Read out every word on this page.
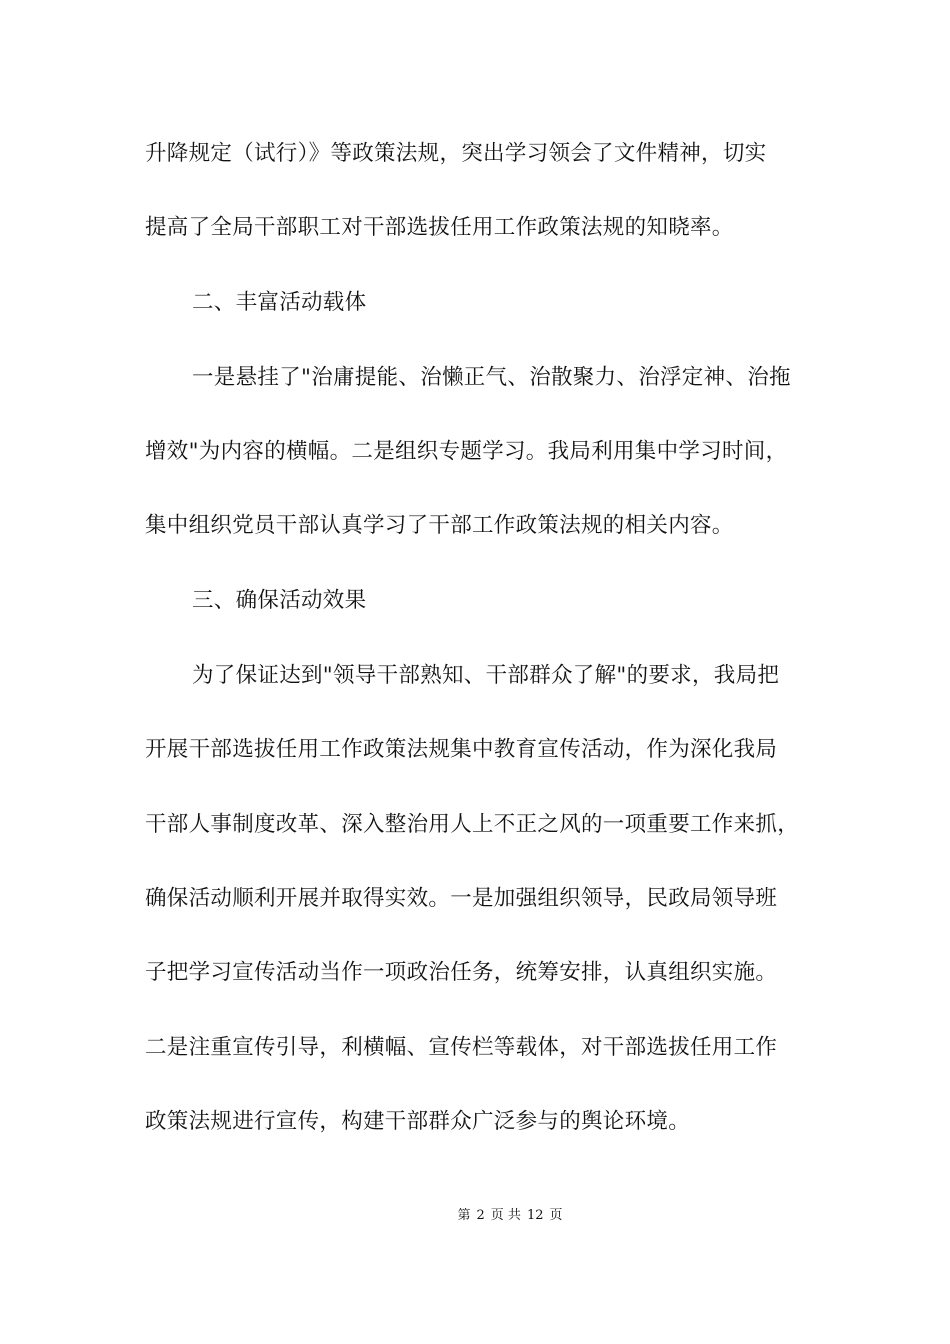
升降规定（试行）》等政策法规，突出学习领会了文件精神，切实
提高了全局干部职工对干部选拔任用工作政策法规的知晓率。
二、丰富活动载体
一是悬挂了"治庸提能、治懒正气、治散聚力、治浮定神、治拖
增效"为内容的横幅。二是组织专题学习。我局利用集中学习时间，
集中组织党员干部认真学习了干部工作政策法规的相关内容。
三、确保活动效果
为了保证达到"领导干部熟知、干部群众了解"的要求，我局把
开展干部选拔任用工作政策法规集中教育宣传活动，作为深化我局
干部人事制度改革、深入整治用人上不正之风的一项重要工作来抓，
确保活动顺利开展并取得实效。一是加强组织领导，民政局领导班
子把学习宣传活动当作一项政治任务，统筹安排，认真组织实施。
二是注重宣传引导，利横幅、宣传栏等载体，对干部选拔任用工作
政策法规进行宣传，构建干部群众广泛参与的舆论环境。
第 2 页 共 12 页
